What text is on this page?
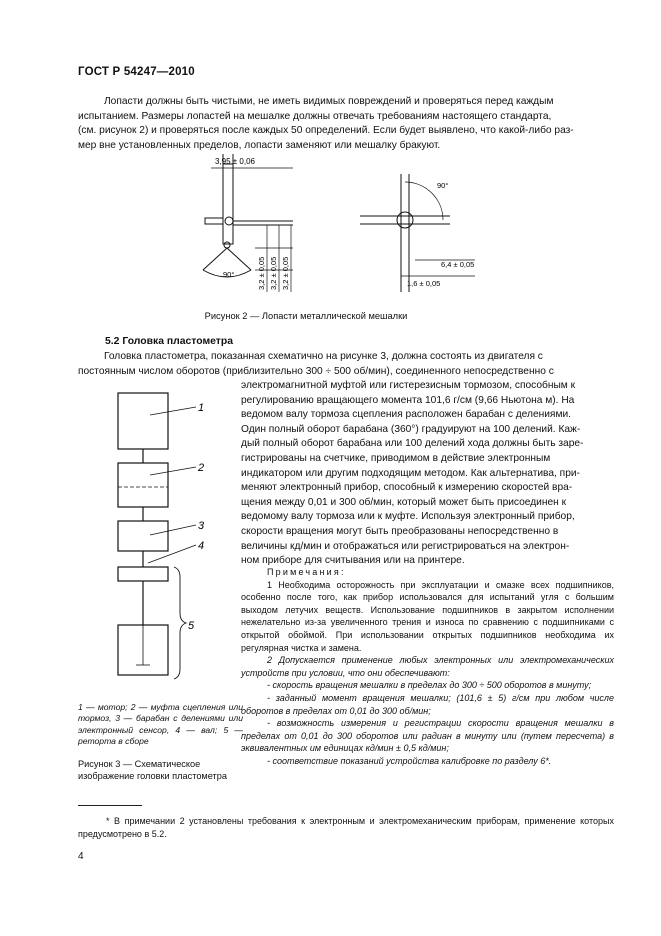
ГОСТ Р 54247—2010
Лопасти должны быть чистыми, не иметь видимых повреждений и проверяться перед каждым
испытанием. Размеры лопастей на мешалке должны отвечать требованиям настоящего стандарта,
(см. рисунок 2) и проверяться после каждых 50 определений. Если будет выявлено, что какой-либо раз-
мер вне установленных пределов, лопасти заменяют или мешалку бракуют.
3,95 ± 0,06
90°
90°
6,4 ± 0,05
1,6 ± 0,05
3,2 ± 0,05 3,2 ± 0,05 3,2 ± 0,05
Рисунок 2 — Лопасти металлической мешалки
5.2 Головка пластометра
Головка пластометра, показанная схематично на рисунке 3, должна состоять из двигателя с
постоянным числом оборотов (приблизительно 300 ÷ 500 об/мин), соединенного непосредственно с
электромагнитной муфтой или гистерезисным тормозом, способным к
регулированию вращающего момента 101,6 г/см (9,66 Ньютона м). На
ведомом валу тормоза сцепления расположен барабан с делениями.
Один полный оборот барабана (360°) градуируют на 100 делений. Каж-
дый полный оборот барабана или 100 делений хода должны быть заре-
гистрированы на счетчике, приводимом в действие электронным
индикатором или другим подходящим методом. Как альтернатива, при-
меняют электронный прибор, способный к измерению скоростей вра-
щения между 0,01 и 300 об/мин, который может быть присоединен к
ведомому валу тормоза или к муфте. Используя электронный прибор,
скорости вращения могут быть преобразованы непосредственно в
величины кд/мин и отображаться или регистрироваться на электрон-
ном приборе для считывания или на принтере.
1
2
3
4
5
1 — мотор; 2 — муфта сцепления или тормоз, 3 — барабан с делениями или электронный сенсор, 4 — вал; 5 — реторта в сборе
Рисунок 3 — Схематическое изображение головки пластометра
Примечания:
1 Необходима осторожность при эксплуатации и смазке всех подшипников, особенно после того, как прибор использовался для испытаний угля с большим выходом летучих веществ. Использование подшипников в закрытом исполнении нежелательно из-за увеличенного трения и износа по сравнению с подшипниками с открытой обоймой. При использовании открытых подшипников необходима их регулярная чистка и замена.
2 Допускается применение любых электронных или электромеханических устройств при условии, что они обеспечивают:
- скорость вращения мешалки в пределах до 300 ÷ 500 оборотов в минуту;
- заданный момент вращения мешалки; (101,6 ± 5) г/см при любом числе оборотов в пределах от 0,01 до 300 об/мин;
- возможность измерения и регистрации скорости вращения мешалки в пределах от 0,01 до 300 оборотов или радиан в минуту или (путем пересчета) в эквивалентных им единицах кд/мин ± 0,5 кд/мин;
- соответствие показаний устройства калибровке по разделу 6*.
* В примечании 2 установлены требования к электронным и электромеханическим приборам, применение которых предусмотрено в 5.2.
4
